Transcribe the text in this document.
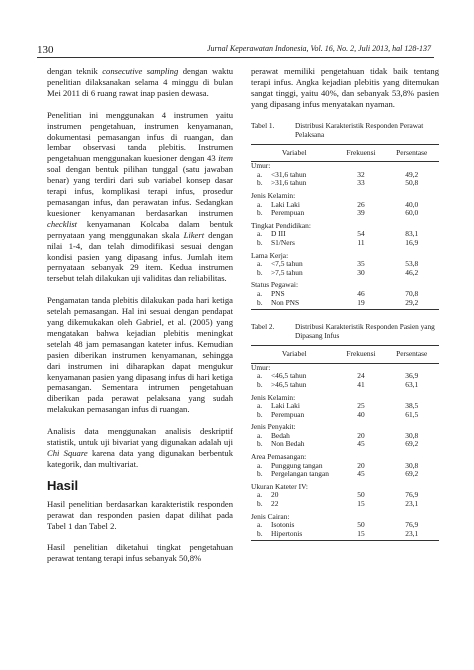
130	Jurnal Keperawatan Indonesia, Vol. 16, No. 2, Juli 2013, hal 128-137

dengan teknik consecutive sampling dengan waktu penelitian dilaksanakan selama 4 minggu di bulan Mei 2011 di 6 ruang rawat inap pasien dewasa.

Penelitian ini menggunakan 4 instrumen yaitu instrumen pengetahuan, instrumen kenyamanan, dokumentasi pemasangan infus di ruangan, dan lembar observasi tanda plebitis. Instrumen pengetahuan menggunakan kuesioner dengan 43 item soal dengan bentuk pilihan tunggal (satu jawaban benar) yang terdiri dari sub variabel konsep dasar terapi infus, komplikasi terapi infus, prosedur pemasangan infus, dan perawatan infus. Sedangkan kuesioner kenyamanan berdasarkan instrumen checklist kenyamanan Kolcaba dalam bentuk pernyataan yang menggunakan skala Likert dengan nilai 1-4, dan telah dimodifikasi sesuai dengan kondisi pasien yang dipasang infus. Jumlah item pernyataan sebanyak 29 item. Kedua instrumen tersebut telah dilakukan uji validitas dan reliabilitas.

Pengamatan tanda plebitis dilakukan pada hari ketiga setelah pemasangan. Hal ini sesuai dengan pendapat yang dikemukakan oleh Gabriel, et al. (2005) yang mengatakan bahwa kejadian plebitis meningkat setelah 48 jam pemasangan kateter infus. Kemudian pasien diberikan instrumen kenyamanan, sehingga dari instrumen ini diharapkan dapat mengukur kenyamanan pasien yang dipasang infus di hari ketiga pemasangan. Sementara intrumen pengetahuan diberikan pada perawat pelaksana yang sudah melakukan pemasangan infus di ruangan.

Analisis data menggunakan analisis deskriptif statistik, untuk uji bivariat yang digunakan adalah uji Chi Square karena data yang digunakan berbentuk kategorik, dan multivariat.

Hasil

Hasil penelitian berdasarkan karakteristik responden perawat dan responden pasien dapat dilihat pada Tabel 1 dan Tabel 2.

Hasil penelitian diketahui tingkat pengetahuan perawat tentang terapi infus sebanyak 50,8%

perawat memiliki pengetahuan tidak baik tentang terapi infus. Angka kejadian plebitis yang ditemukan sangat tinggi, yaitu 40%, dan sebanyak 53,8% pasien yang dipasang infus menyatakan nyaman.

Tabel 1.	Distribusi Karakteristik Responden Perawat Pelaksana
Variabel	Frekuensi	Persentase
Umur:		
a. <31,6 tahun	32	49,2
b. >31,6 tahun	33	50,8

Jenis Kelamin:		
a. Laki Laki	26	40,0
b. Perempuan	39	60,0

Tingkat Pendidikan:		
a. D III	54	83,1
b. S1/Ners	11	16,9

Lama Kerja:		
a. <7,5 tahun	35	53,8
b. >7,5 tahun	30	46,2

Status Pegawai:		
a. PNS	46	70,8
b. Non PNS	19	29,2
Tabel 2.	Distribusi Karakteristik Responden Pasien yang Dipasang Infus
Variabel	Frekuensi	Persentase
Umur:		
a. <46,5 tahun	24	36,9
b. >46,5 tahun	41	63,1

Jenis Kelamin:		
a. Laki Laki	25	38,5
b. Perempuan	40	61,5

Jenis Penyakit:		
a. Bedah	20	30,8
b. Non Bedah	45	69,2

Area Pemasangan:		
a. Punggung tangan	20	30,8
b. Pergelangan tangan	45	69,2

Ukuran Kateter IV:		
a. 20	50	76,9
b. 22	15	23,1

Jenis Cairan:		
a. Isotonis	50	76,9
b. Hipertonis	15	23,1
